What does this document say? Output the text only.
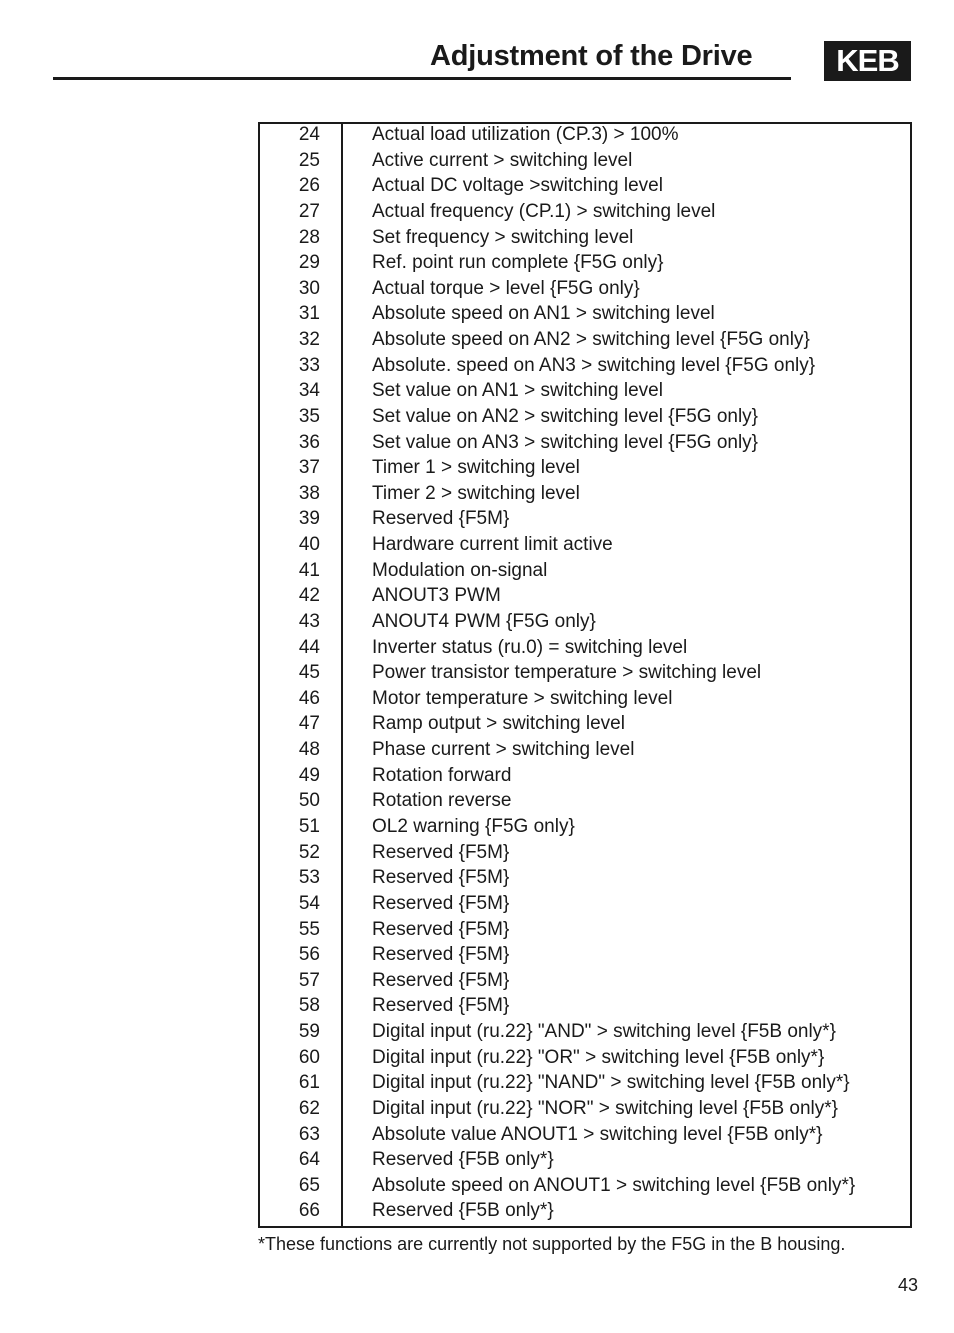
Adjustment of the Drive	KEB
24	Actual load utilization (CP.3) > 100%
25	Active current > switching level
26	Actual DC voltage >switching level
27	Actual frequency (CP.1) > switching level
28	Set frequency > switching level
29	Ref. point run complete {F5G only}
30	Actual torque > level {F5G only}
31	Absolute speed on AN1 > switching level
32	Absolute speed on AN2 > switching level {F5G only}
33	Absolute. speed on AN3 > switching level {F5G only}
34	Set value on AN1 > switching level
35	Set value on AN2 > switching level {F5G only}
36	Set value on AN3 > switching level {F5G only}
37	Timer 1 > switching level
38	Timer 2 > switching level
39	Reserved {F5M}
40	Hardware current limit active
41	Modulation on-signal
42	ANOUT3 PWM
43	ANOUT4 PWM {F5G only}
44	Inverter status (ru.0) = switching level
45	Power transistor temperature > switching level
46	Motor temperature > switching level
47	Ramp output > switching level
48	Phase current > switching level
49	Rotation forward
50	Rotation reverse
51	OL2 warning {F5G only}
52	Reserved {F5M}
53	Reserved {F5M}
54	Reserved {F5M}
55	Reserved {F5M}
56	Reserved {F5M}
57	Reserved {F5M}
58	Reserved {F5M}
59	Digital input (ru.22} "AND" > switching level {F5B only*}
60	Digital input (ru.22} "OR" > switching level {F5B only*}
61	Digital input (ru.22} "NAND" > switching level {F5B only*}
62	Digital input (ru.22} "NOR" > switching level {F5B only*}
63	Absolute value ANOUT1 > switching level {F5B only*}
64	Reserved {F5B only*}
65	Absolute speed on ANOUT1 > switching level {F5B only*}
66	Reserved {F5B only*}
*These functions are currently not supported by the F5G in the B housing.
43
